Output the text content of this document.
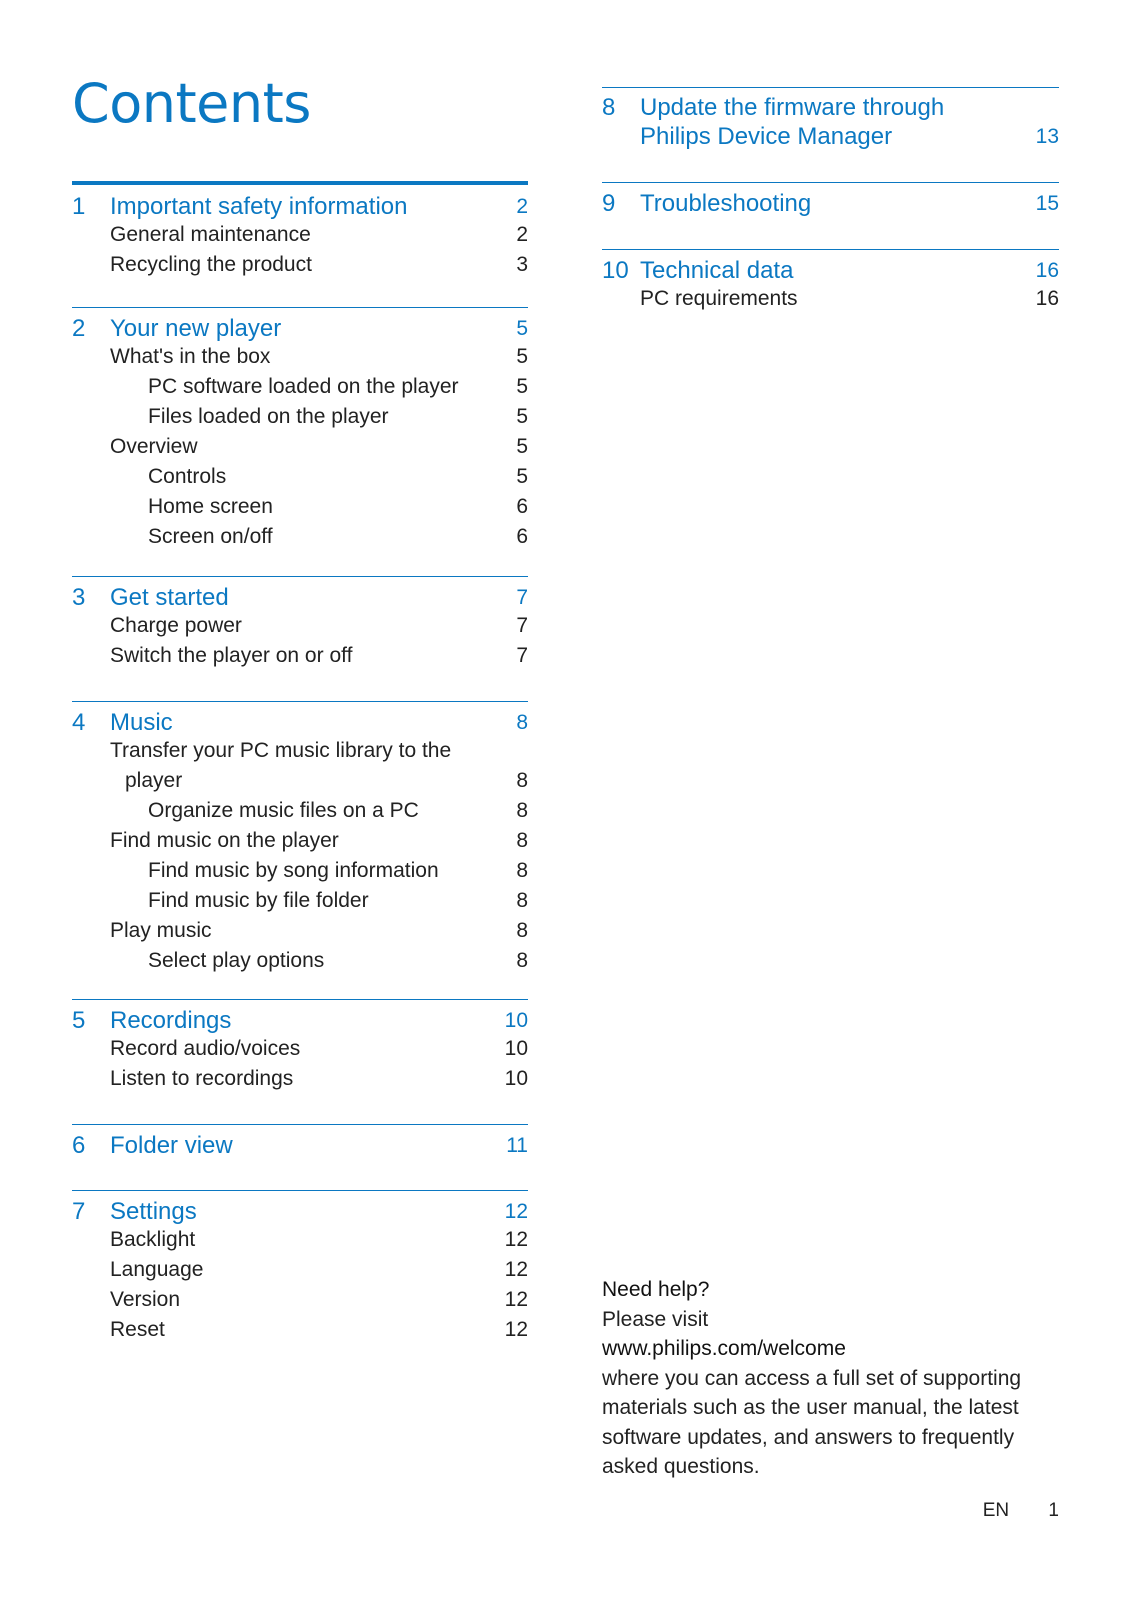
Contents
1 Important safety information	2
General maintenance	2
Recycling the product	3
2 Your new player	5
What's in the box	5
PC software loaded on the player	5
Files loaded on the player	5
Overview	5
Controls	5
Home screen	6
Screen on/off	6
3 Get started	7
Charge power	7
Switch the player on or off	7
4 Music	8
Transfer your PC music library to the
player	8
Organize music files on a PC	8
Find music on the player	8
Find music by song information	8
Find music by file folder	8
Play music	8
Select play options	8
5 Recordings	10
Record audio/voices	10
Listen to recordings	10
6 Folder view	11
7 Settings	12
Backlight	12
Language	12
Version	12
Reset	12
8 Update the firmware through
Philips Device Manager	13
9 Troubleshooting	15
10 Technical data	16
PC requirements	16
Need help?
Please visit
www.philips.com/welcome
where you can access a full set of supporting
materials such as the user manual, the latest
software updates, and answers to frequently
asked questions.
EN 1
